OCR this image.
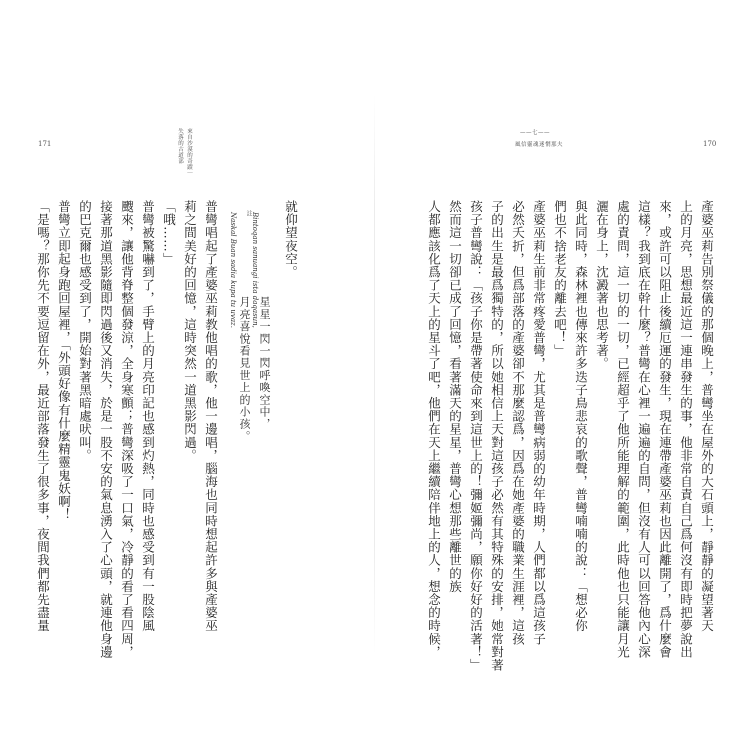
171	來自沙漠的奇蹟｜
失落的古道部
就仰望夜空。
星星一閃一閃呼喚空中，
註
月亮喜悅看見世上的小孩。
Bintoqan sanuangi ista daqasun,
Naskal Buan sadia kupa tu uvaz.
普彎唱起了產婆巫莉教他唱的歌，他一邊唱，腦海也同時想起許多與產婆巫
莉之間美好的回憶，這時突然一道黑影閃過。
「哦……」
普彎被驚嚇到了，手臂上的月亮印記也感到灼熱，同時也感受到有一股陰風
颼來，讓他背脊整個發涼，全身寒顫；普彎深吸了一口氣，冷靜的看了看四周，
接著那道黑影隨即閃過後又消失，於是一股不安的氣息湧入了心頭，就連他身邊
的巴克爾也感受到了，開始對著黑暗處吠叫。
普彎立即起身跑回屋裡，「外頭好像有什麼精靈鬼妖啊！
「是嗎？那你先不要逗留在外，最近部落發生了很多事，夜間我們都先盡量
170
——七——
風信靈魂迷惘那夫
產婆巫莉告別祭儀的那個晚上，普彎坐在屋外的大石頭上，靜靜的凝望著天
上的月亮，思想最近這一連串發生的事，他非常自責自己爲何沒有即時把夢說出
來，或許可以阻止後續厄運的發生，現在連帶產婆巫莉也因此離開了，爲什麼會
這樣？我到底在幹什麼？普彎在心裡一遍遍的自問，但沒有人可以回答他內心深
處的責問，這一切的一切，已經超乎了他所能理解的範圍，此時他也只能讓月光
灑在身上，沈澱著也思考著。
與此同時，森林裡也傳來許多迭子鳥悲哀的歌聲，普彎喃喃的說：「想必你
們也不捨老友的離去吧！」
產婆巫莉生前非常疼愛普彎，尤其是普彎病弱的幼年時期，人們都以爲這孩子
必然夭折，但爲部落的產婆卻不那麼認爲，因爲在她產婆的職業生涯裡，這孩
子的出生是最爲獨特的，所以她相信上天對這孩子必然有其特殊的安排，她常對著
孩子普彎說：「孩子你是帶著使命來到這世上的！彌姬彌尚，願你好好的活著！」
然而這一切卻已成了回憶，看著滿天的星星，普彎心想那些離世的族
人都應該化爲了天上的星斗了吧，他們在天上繼續陪伴地上的人，想念的時候，
